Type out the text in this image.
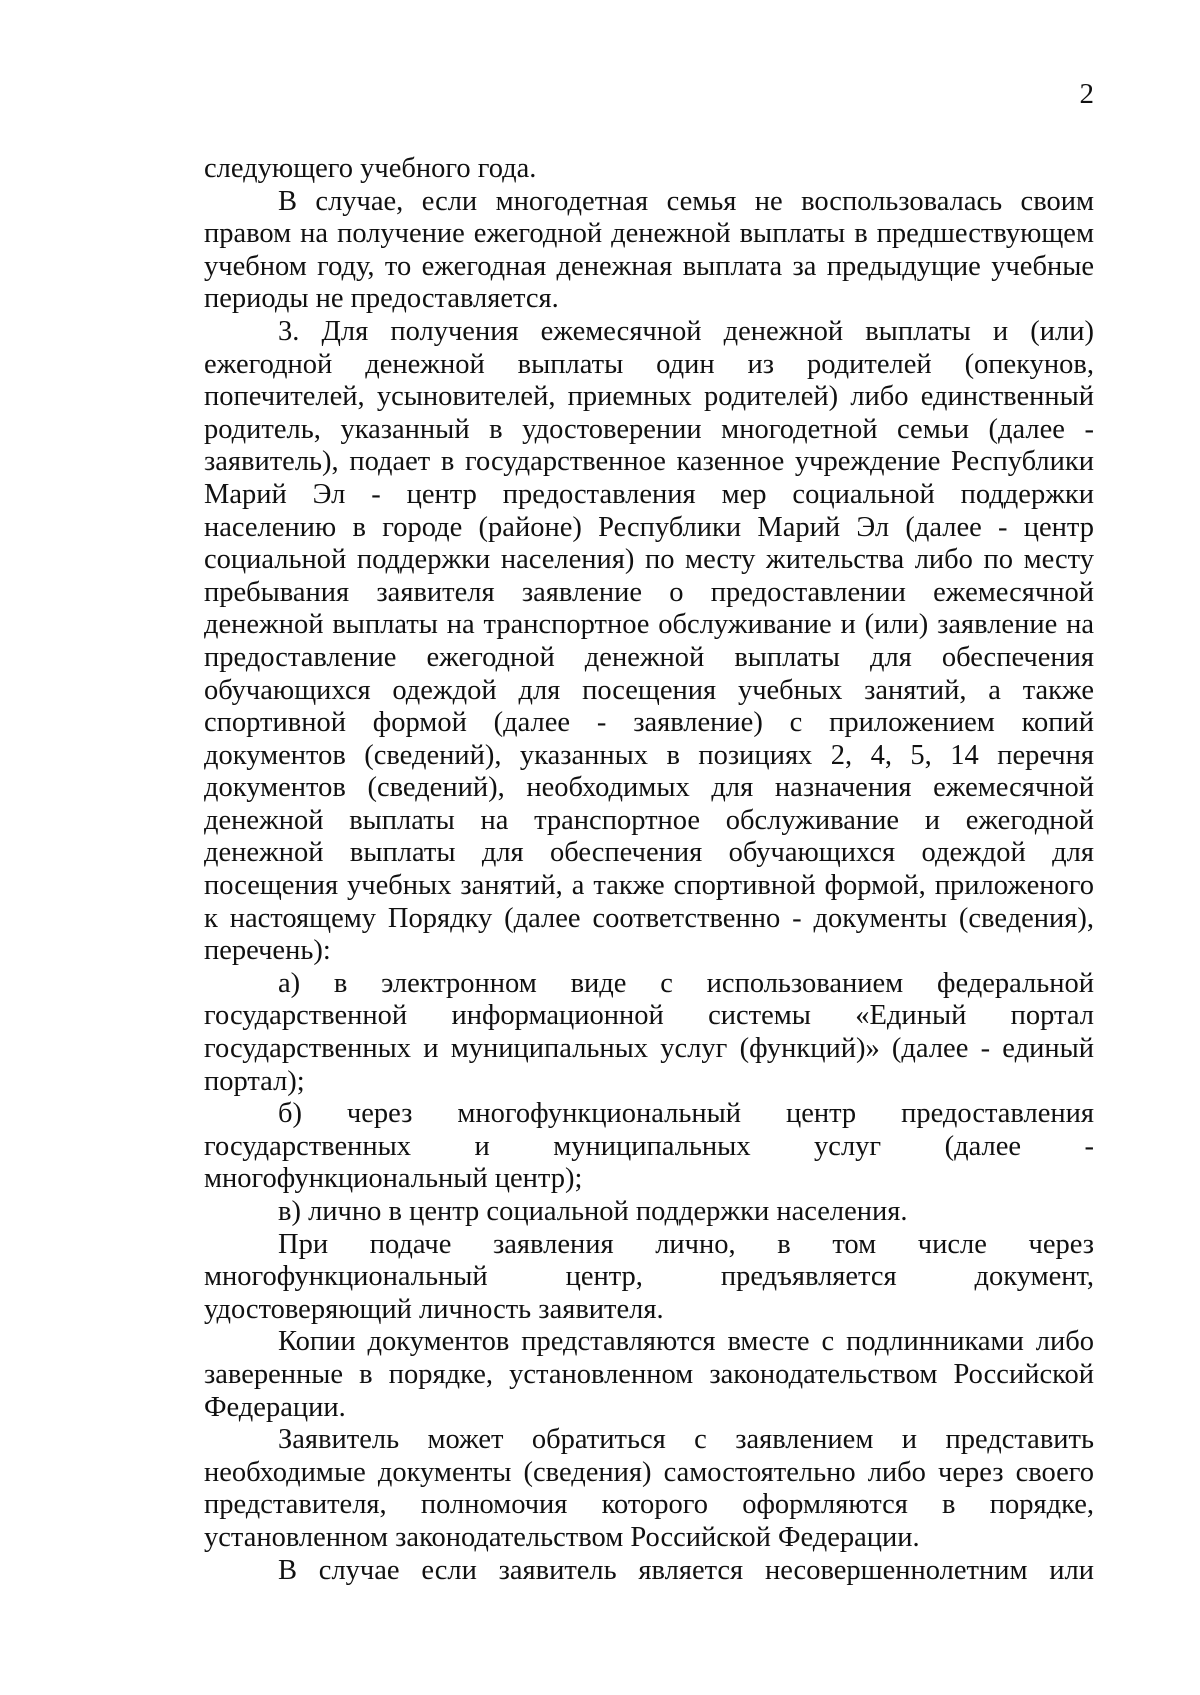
2

следующего учебного года.

В случае, если многодетная семья не воспользовалась своим правом на получение ежегодной денежной выплаты в предшествующем учебном году, то ежегодная денежная выплата за предыдущие учебные периоды не предоставляется.

3. Для получения ежемесячной денежной выплаты и (или) ежегодной денежной выплаты один из родителей (опекунов, попечителей, усыновителей, приемных родителей) либо единственный родитель, указанный в удостоверении многодетной семьи (далее - заявитель), подает в государственное казенное учреждение Республики Марий Эл - центр предоставления мер социальной поддержки населению в городе (районе) Республики Марий Эл (далее - центр социальной поддержки населения) по месту жительства либо по месту пребывания заявителя заявление о предоставлении ежемесячной денежной выплаты на транспортное обслуживание и (или) заявление на предоставление ежегодной денежной выплаты для обеспечения обучающихся одеждой для посещения учебных занятий, а также спортивной формой (далее - заявление) с приложением копий документов (сведений), указанных в позициях 2, 4, 5, 14 перечня документов (сведений), необходимых для назначения ежемесячной денежной выплаты на транспортное обслуживание и ежегодной денежной выплаты для обеспечения обучающихся одеждой для посещения учебных занятий, а также спортивной формой, приложеного к настоящему Порядку (далее соответственно - документы (сведения), перечень):

а) в электронном виде с использованием федеральной государственной информационной системы «Единый портал государственных и муниципальных услуг (функций)» (далее - единый портал);

б) через многофункциональный центр предоставления государственных и муниципальных услуг (далее - многофункциональный центр);

в) лично в центр социальной поддержки населения.

При подаче заявления лично, в том числе через многофункциональный центр, предъявляется документ, удостоверяющий личность заявителя.

Копии документов представляются вместе с подлинниками либо заверенные в порядке, установленном законодательством Российской Федерации.

Заявитель может обратиться с заявлением и представить необходимые документы (сведения) самостоятельно либо через своего представителя, полномочия которого оформляются в порядке, установленном законодательством Российской Федерации.

В случае если заявитель является несовершеннолетним или
